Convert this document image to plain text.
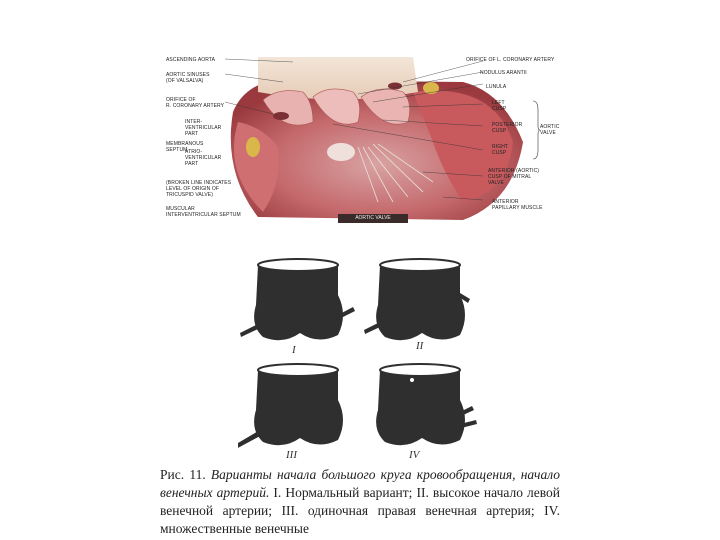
ASCENDING AORTA
AORTIC SINUSES
(OF VALSALVA)
ORIFICE OF
R. CORONARY ARTERY
INTER-
VENTRICULAR
PART
MEMBRANOUS
SEPTUM
ATRIO-
VENTRICULAR
PART
(BROKEN LINE INDICATES
LEVEL OF ORIGIN OF
TRICUSPID VALVE)
MUSCULAR
INTERVENTRICULAR SEPTUM
ORIFICE OF L. CORONARY ARTERY
NODULUS ARANTII
LUNULA
LEFT
CUSP
POSTERIOR
CUSP
RIGHT
CUSP
AORTIC
VALVE
ANTERIOR (AORTIC)
CUSP OF MITRAL
VALVE
ANTERIOR
PAPILLARY MUSCLE
AORTIC VALVE
I	II
III	IV
Рис. 11. Варианты начала большого круга кровообращения, начало венечных артерий. I. Нормальный вариант; II. высокое начало левой венечной артерии; III. одиночная правая венечная артерия; IV. множественные венечные
